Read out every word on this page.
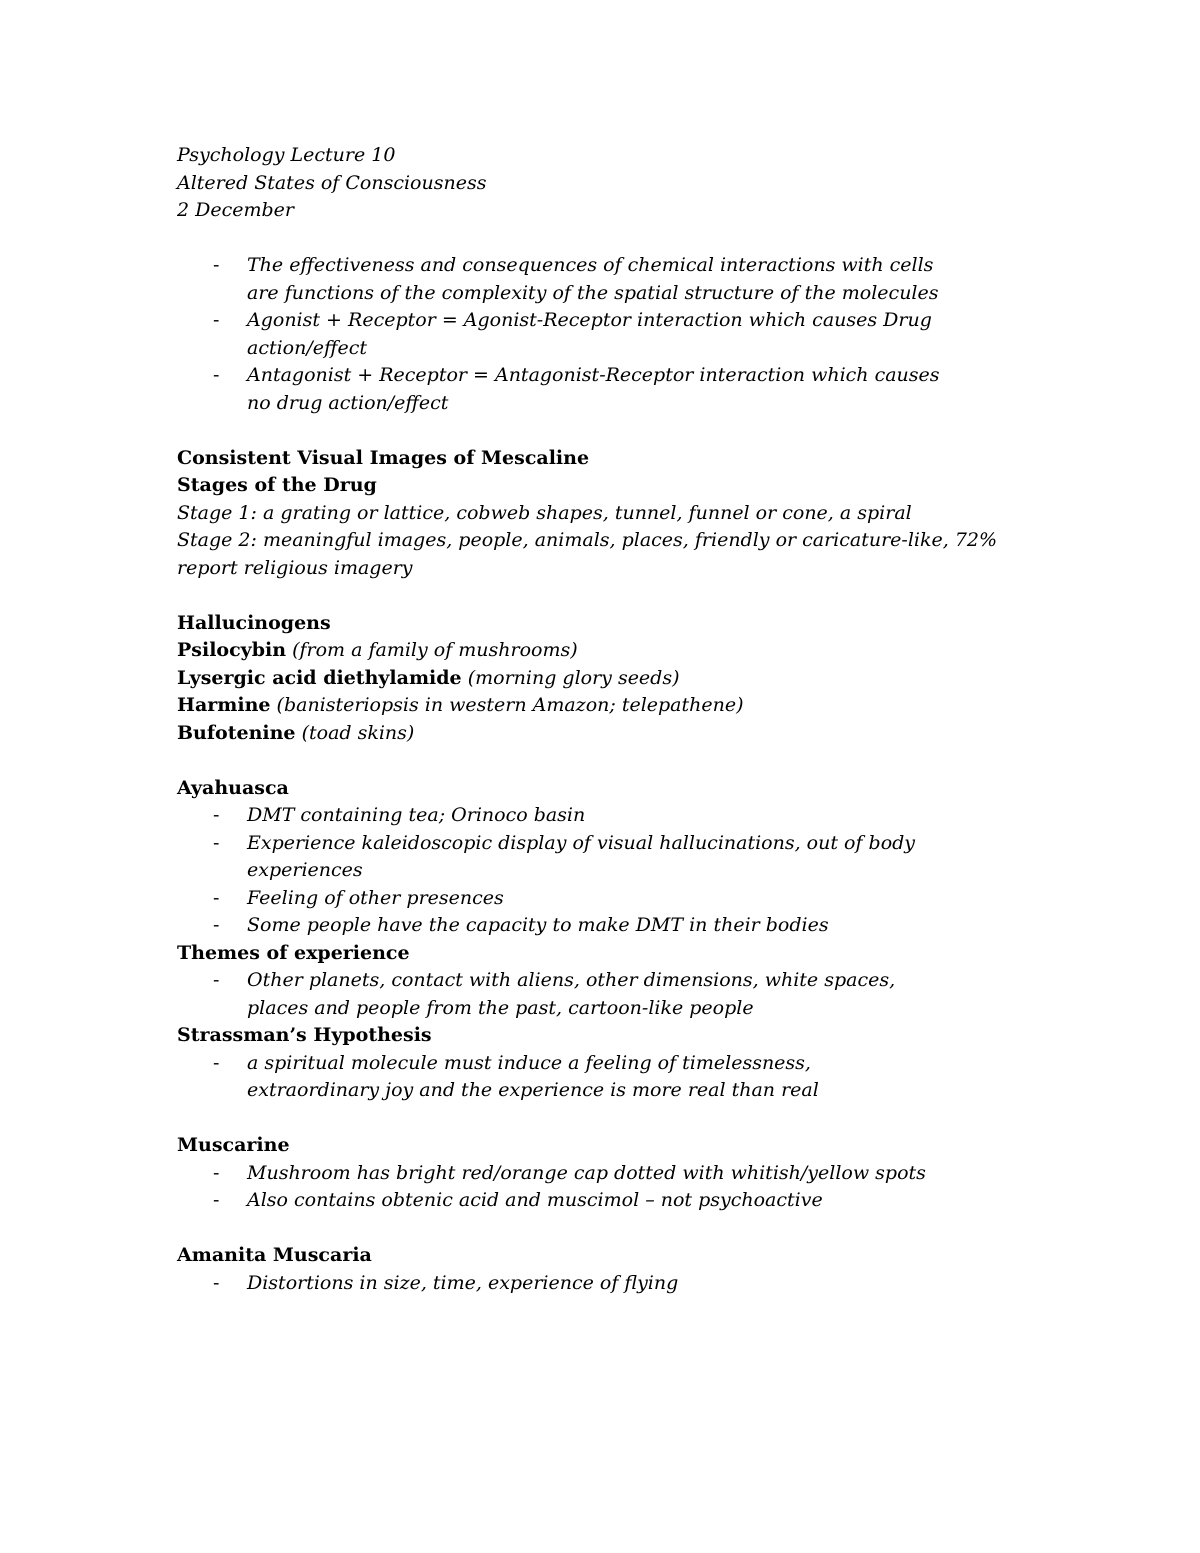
Psychology Lecture 10

Altered States of Consciousness

2 December

- The effectiveness and consequences of chemical interactions with cells are functions of the complexity of the spatial structure of the molecules
- Agonist + Receptor = Agonist-Receptor interaction which causes Drug action/effect
- Antagonist + Receptor = Antagonist-Receptor interaction which causes no drug action/effect

Consistent Visual Images of Mescaline

Stages of the Drug

Stage 1: a grating or lattice, cobweb shapes, tunnel, funnel or cone, a spiral

Stage 2: meaningful images, people, animals, places, friendly or caricature-like, 72% report religious imagery

Hallucinogens

Psilocybin (from a family of mushrooms)

Lysergic acid diethylamide (morning glory seeds)

Harmine (banisteriopsis in western Amazon; telepathene)

Bufotenine (toad skins)

Ayahuasca

- DMT containing tea; Orinoco basin
- Experience kaleidoscopic display of visual hallucinations, out of body experiences
- Feeling of other presences
- Some people have the capacity to make DMT in their bodies

Themes of experience

- Other planets, contact with aliens, other dimensions, white spaces, places and people from the past, cartoon-like people

Strassman’s Hypothesis

- a spiritual molecule must induce a feeling of timelessness, extraordinary joy and the experience is more real than real

Muscarine

- Mushroom has bright red/orange cap dotted with whitish/yellow spots
- Also contains obtenic acid and muscimol – not psychoactive

Amanita Muscaria

- Distortions in size, time, experience of flying
